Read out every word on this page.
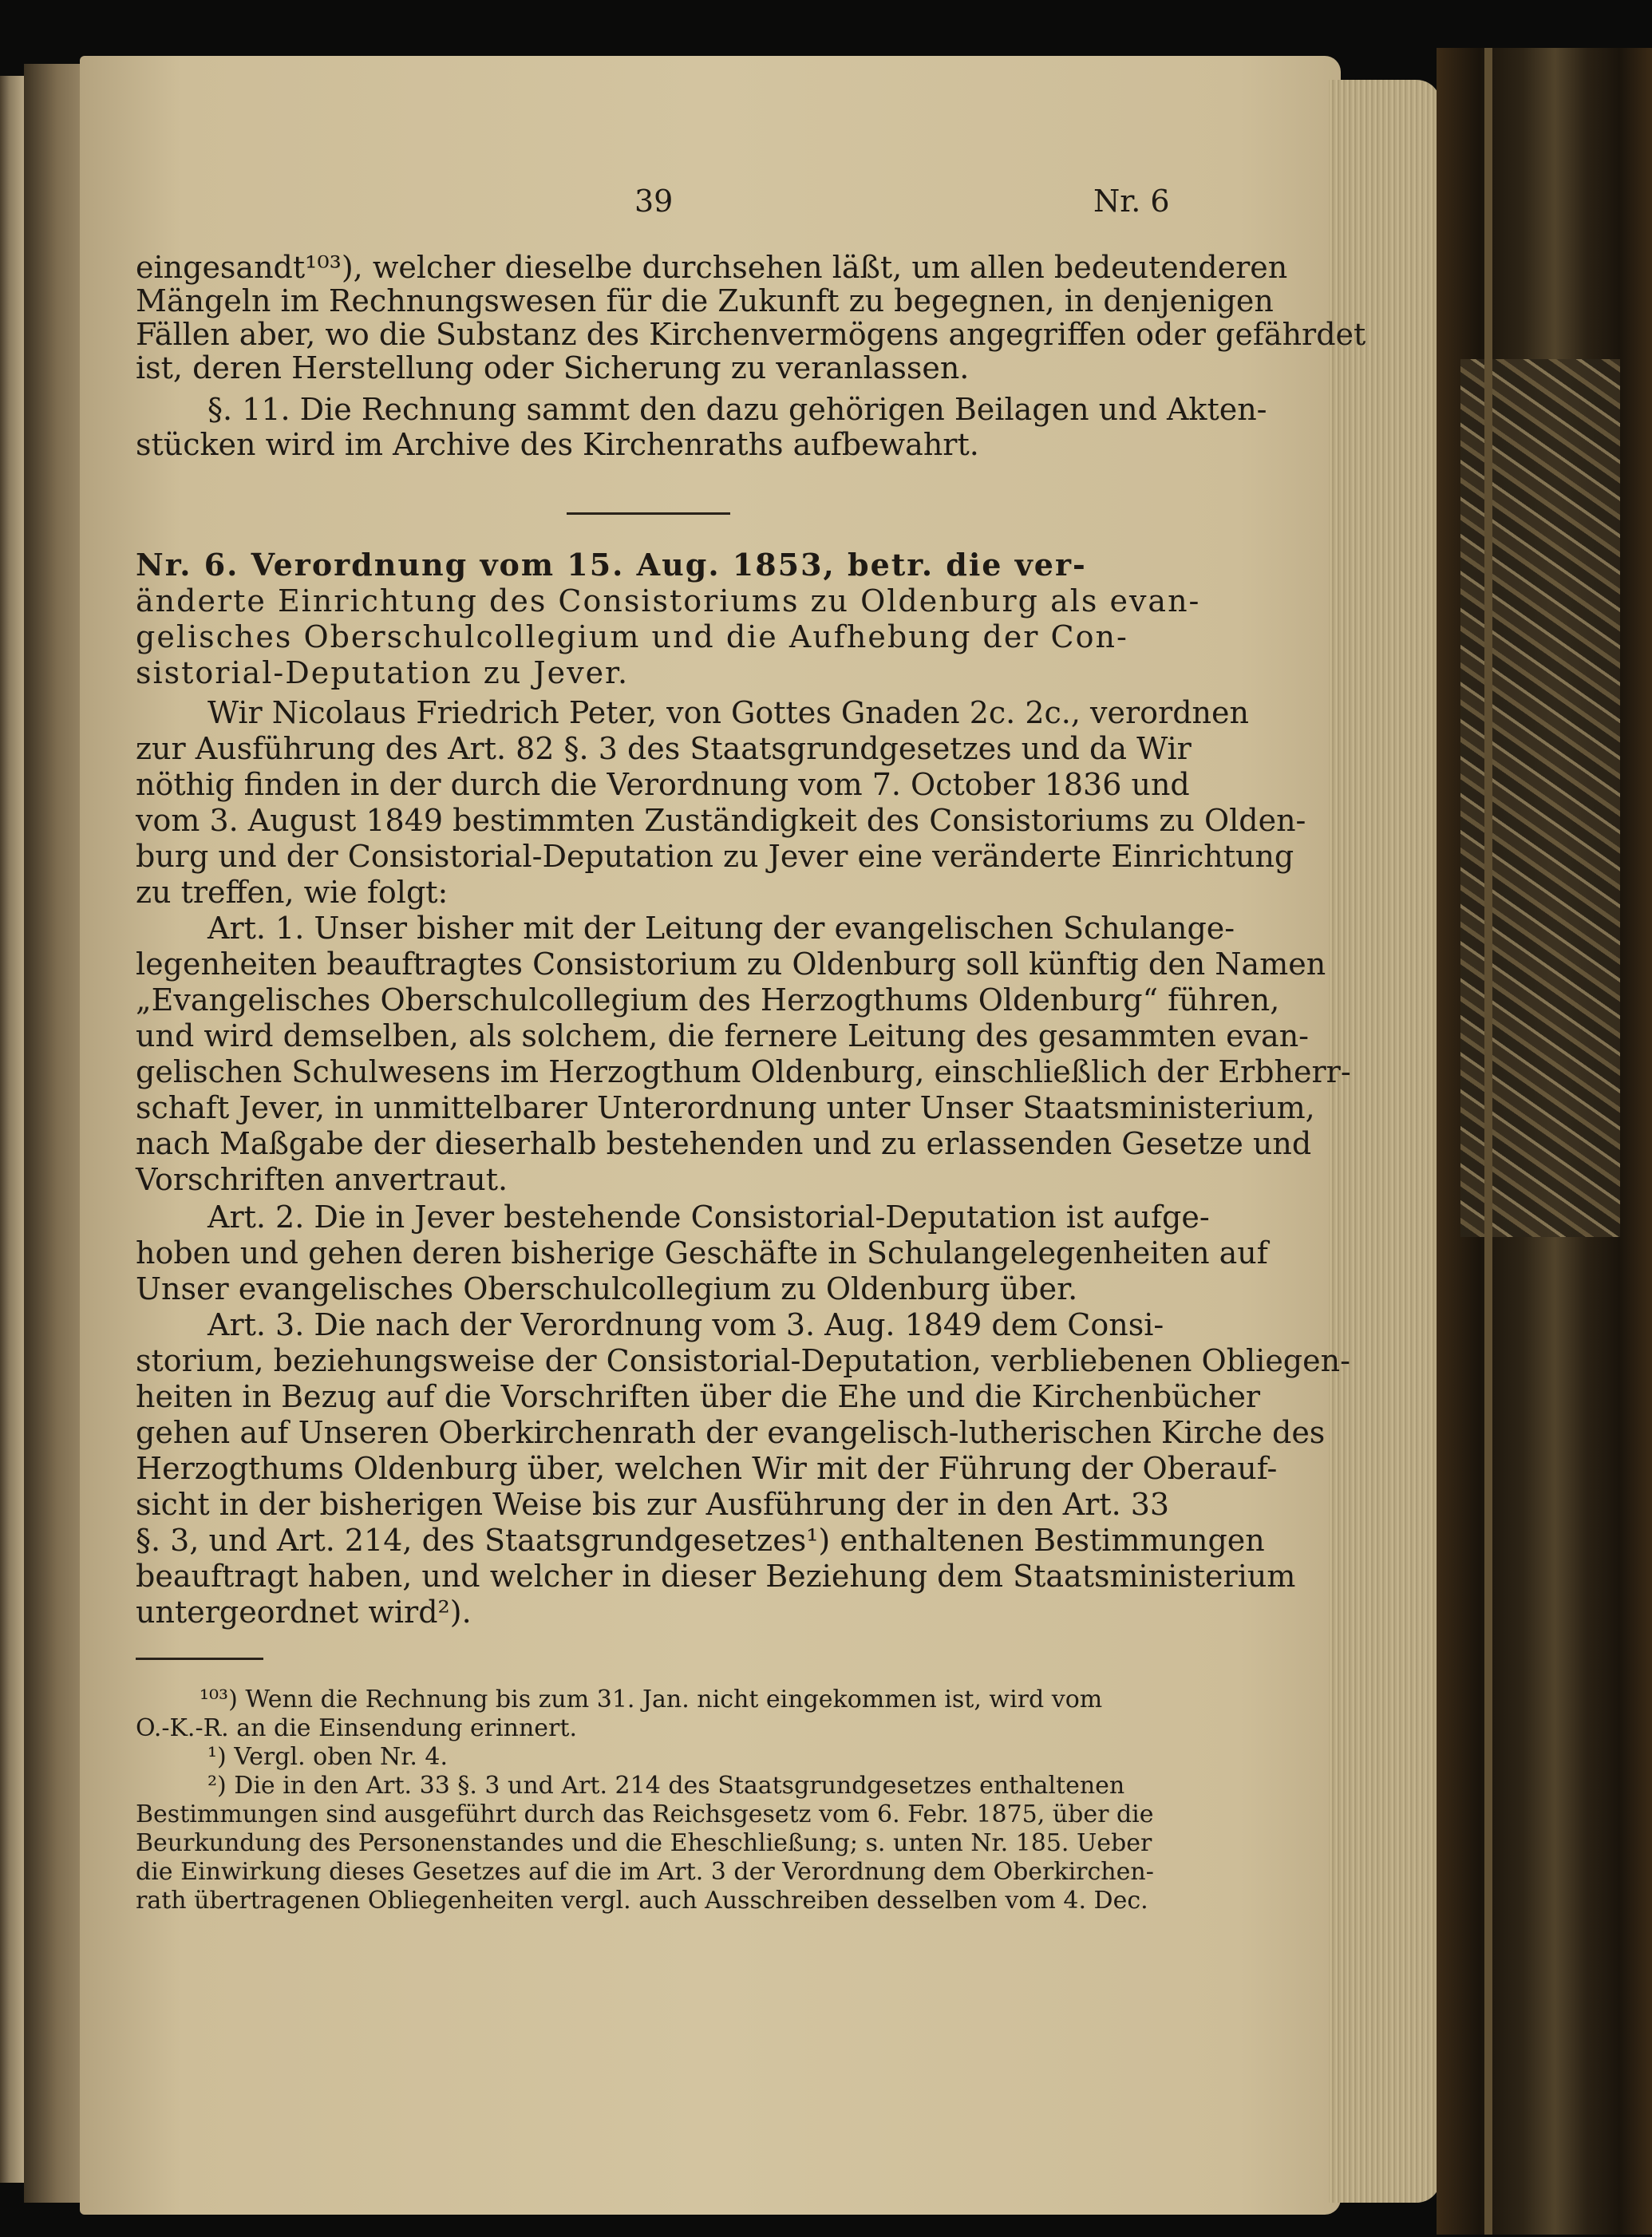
39	Nr. 6
eingesandt¹⁰³), welcher dieselbe durchsehen läßt, um allen bedeutenderen
Mängeln im Rechnungswesen für die Zukunft zu begegnen, in denjenigen
Fällen aber, wo die Substanz des Kirchenvermögens angegriffen oder gefährdet
ist, deren Herstellung oder Sicherung zu veranlassen.
§. 11. Die Rechnung sammt den dazu gehörigen Beilagen und Akten-
stücken wird im Archive des Kirchenraths aufbewahrt.
Nr. 6. Verordnung vom 15. Aug. 1853, betr. die ver-
änderte Einrichtung des Consistoriums zu Oldenburg als evan-
gelisches Oberschulcollegium und die Aufhebung der Con-
sistorial-Deputation zu Jever.
Wir Nicolaus Friedrich Peter, von Gottes Gnaden 2c. 2c., verordnen
zur Ausführung des Art. 82 §. 3 des Staatsgrundgesetzes und da Wir
nöthig finden in der durch die Verordnung vom 7. October 1836 und
vom 3. August 1849 bestimmten Zuständigkeit des Consistoriums zu Olden-
burg und der Consistorial-Deputation zu Jever eine veränderte Einrichtung
zu treffen, wie folgt:
Art. 1. Unser bisher mit der Leitung der evangelischen Schulange-
legenheiten beauftragtes Consistorium zu Oldenburg soll künftig den Namen
„Evangelisches Oberschulcollegium des Herzogthums Oldenburg“ führen,
und wird demselben, als solchem, die fernere Leitung des gesammten evan-
gelischen Schulwesens im Herzogthum Oldenburg, einschließlich der Erbherr-
schaft Jever, in unmittelbarer Unterordnung unter Unser Staatsministerium,
nach Maßgabe der dieserhalb bestehenden und zu erlassenden Gesetze und
Vorschriften anvertraut.
Art. 2. Die in Jever bestehende Consistorial-Deputation ist aufge-
hoben und gehen deren bisherige Geschäfte in Schulangelegenheiten auf
Unser evangelisches Oberschulcollegium zu Oldenburg über.
Art. 3. Die nach der Verordnung vom 3. Aug. 1849 dem Consi-
storium, beziehungsweise der Consistorial-Deputation, verbliebenen Obliegen-
heiten in Bezug auf die Vorschriften über die Ehe und die Kirchenbücher
gehen auf Unseren Oberkirchenrath der evangelisch-lutherischen Kirche des
Herzogthums Oldenburg über, welchen Wir mit der Führung der Oberauf-
sicht in der bisherigen Weise bis zur Ausführung der in den Art. 33
§. 3, und Art. 214, des Staatsgrundgesetzes¹) enthaltenen Bestimmungen
beauftragt haben, und welcher in dieser Beziehung dem Staatsministerium
untergeordnet wird²).
¹⁰³) Wenn die Rechnung bis zum 31. Jan. nicht eingekommen ist, wird vom
O.-K.-R. an die Einsendung erinnert.
¹) Vergl. oben Nr. 4.
²) Die in den Art. 33 §. 3 und Art. 214 des Staatsgrundgesetzes enthaltenen
Bestimmungen sind ausgeführt durch das Reichsgesetz vom 6. Febr. 1875, über die
Beurkundung des Personenstandes und die Eheschließung; s. unten Nr. 185. Ueber
die Einwirkung dieses Gesetzes auf die im Art. 3 der Verordnung dem Oberkirchen-
rath übertragenen Obliegenheiten vergl. auch Ausschreiben desselben vom 4. Dec.
